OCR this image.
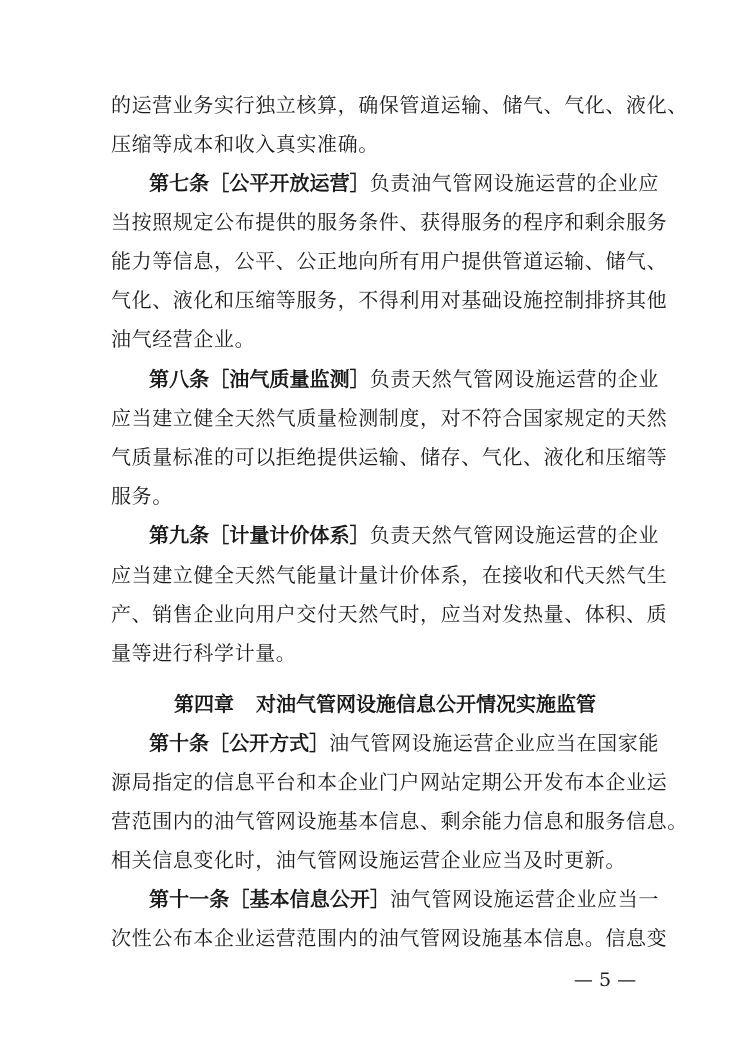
的运营业务实行独立核算，确保管道运输、储气、气化、液化、
压缩等成本和收入真实准确。
第七条［公平开放运营］负责油气管网设施运营的企业应
当按照规定公布提供的服务条件、获得服务的程序和剩余服务
能力等信息，公平、公正地向所有用户提供管道运输、储气、
气化、液化和压缩等服务，不得利用对基础设施控制排挤其他
油气经营企业。
第八条［油气质量监测］负责天然气管网设施运营的企业
应当建立健全天然气质量检测制度，对不符合国家规定的天然
气质量标准的可以拒绝提供运输、储存、气化、液化和压缩等
服务。
第九条［计量计价体系］负责天然气管网设施运营的企业
应当建立健全天然气能量计量计价体系，在接收和代天然气生
产、销售企业向用户交付天然气时，应当对发热量、体积、质
量等进行科学计量。
第四章 对油气管网设施信息公开情况实施监管
第十条［公开方式］油气管网设施运营企业应当在国家能
源局指定的信息平台和本企业门户网站定期公开发布本企业运
营范围内的油气管网设施基本信息、剩余能力信息和服务信息。
相关信息变化时，油气管网设施运营企业应当及时更新。
第十一条［基本信息公开］油气管网设施运营企业应当一
次性公布本企业运营范围内的油气管网设施基本信息。信息变
— 5 —
